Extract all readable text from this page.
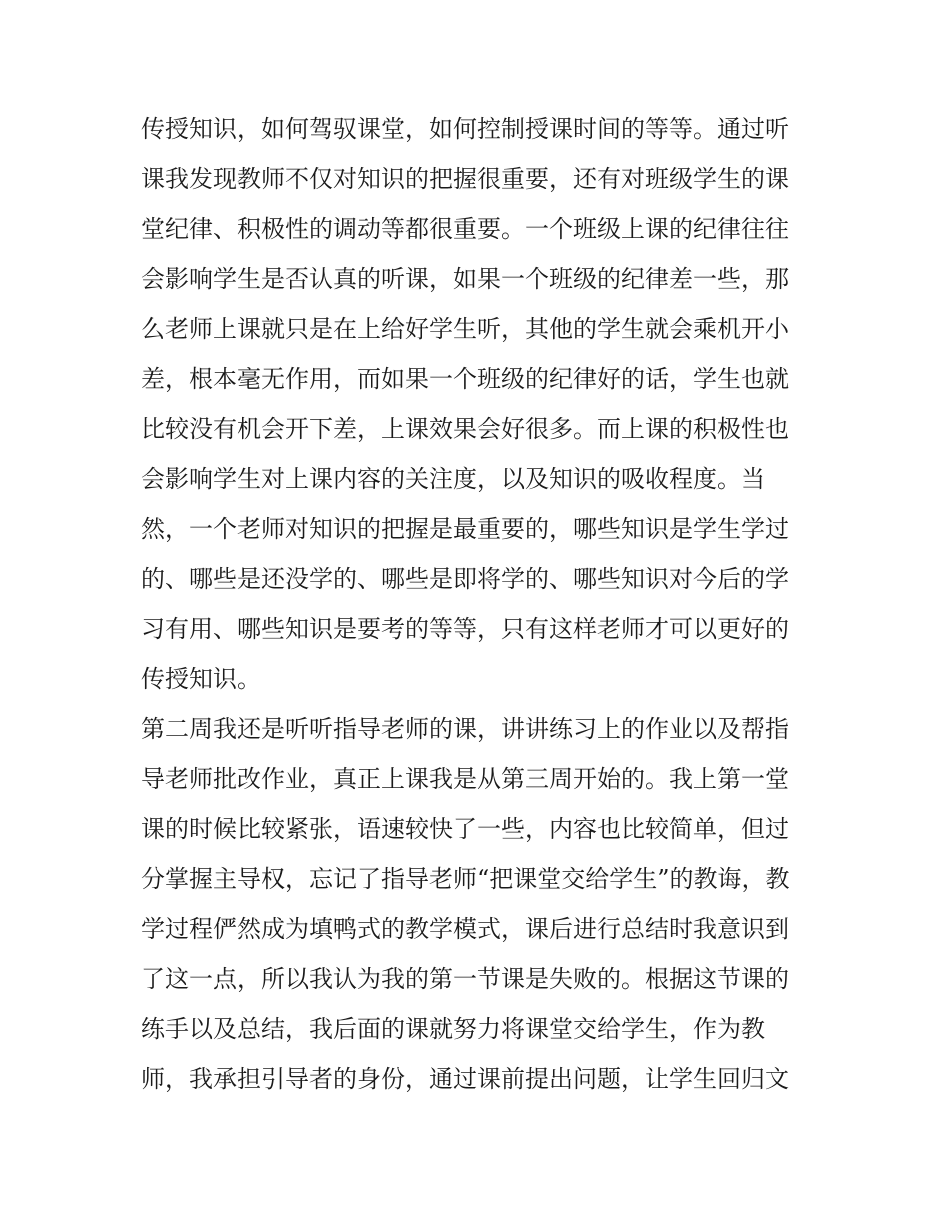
传授知识，如何驾驭课堂，如何控制授课时间的等等。通过听
课我发现教师不仅对知识的把握很重要，还有对班级学生的课
堂纪律、积极性的调动等都很重要。一个班级上课的纪律往往
会影响学生是否认真的听课，如果一个班级的纪律差一些，那
么老师上课就只是在上给好学生听，其他的学生就会乘机开小
差，根本毫无作用，而如果一个班级的纪律好的话，学生也就
比较没有机会开下差，上课效果会好很多。而上课的积极性也
会影响学生对上课内容的关注度，以及知识的吸收程度。当
然，一个老师对知识的把握是最重要的，哪些知识是学生学过
的、哪些是还没学的、哪些是即将学的、哪些知识对今后的学
习有用、哪些知识是要考的等等，只有这样老师才可以更好的
传授知识。
第二周我还是听听指导老师的课，讲讲练习上的作业以及帮指
导老师批改作业，真正上课我是从第三周开始的。我上第一堂
课的时候比较紧张，语速较快了一些，内容也比较简单，但过
分掌握主导权，忘记了指导老师“把课堂交给学生”的教诲，教
学过程俨然成为填鸭式的教学模式，课后进行总结时我意识到
了这一点，所以我认为我的第一节课是失败的。根据这节课的
练手以及总结，我后面的课就努力将课堂交给学生，作为教
师，我承担引导者的身份，通过课前提出问题，让学生回归文
